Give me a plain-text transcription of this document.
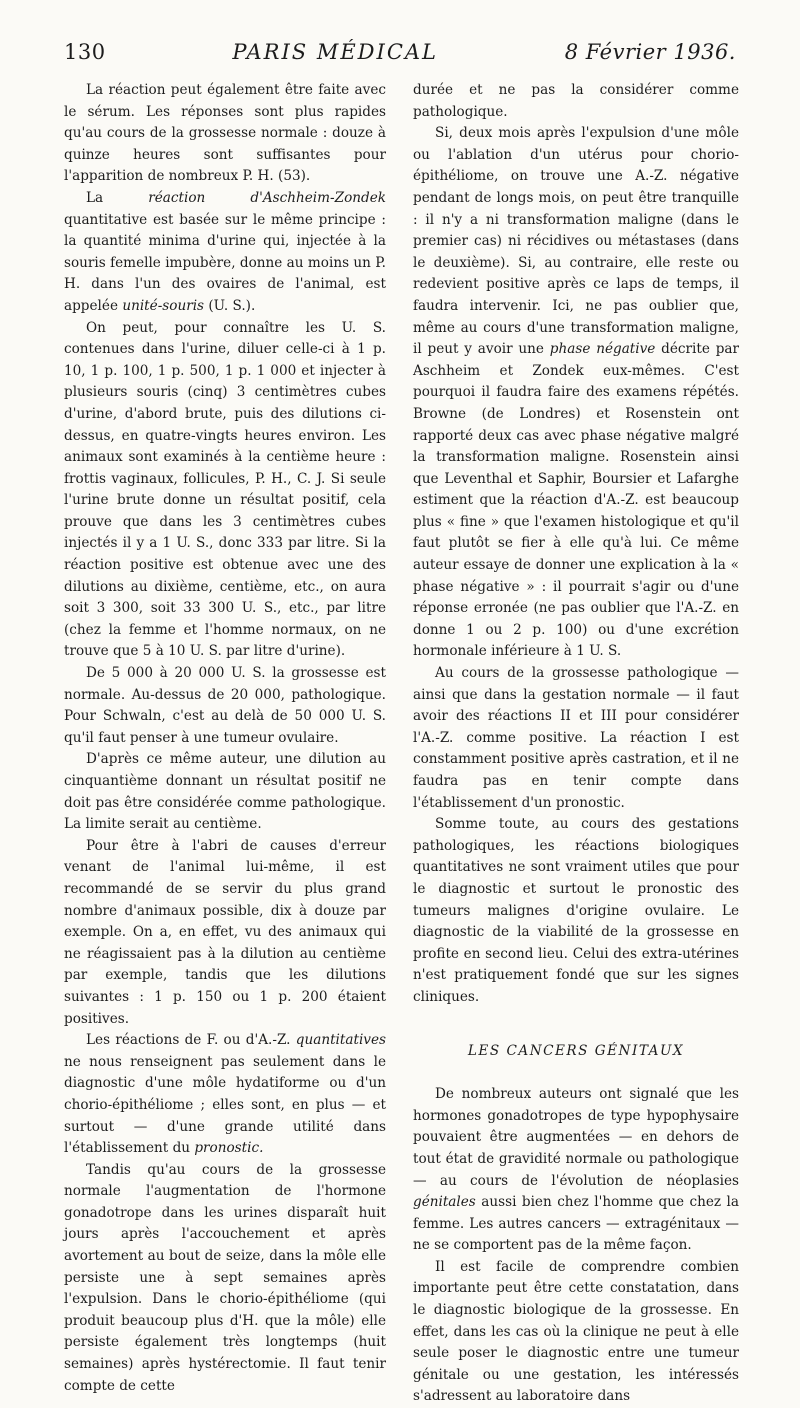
130	PARIS MÉDICAL	8 Février 1936.

La réaction peut également être faite avec le sérum. Les réponses sont plus rapides qu'au cours de la grossesse normale : douze à quinze heures sont suffisantes pour l'apparition de nombreux P. H. (53).

La	réaction d'Aschheim-Zondek quantitative est basée sur le même principe : la quantité minima d'urine qui, injectée à la souris femelle impubère, donne au moins un P. H. dans l'un des ovaires de l'animal, est appelée unité-souris (U. S.).

On peut, pour connaître les U. S. contenues dans l'urine, diluer celle-ci à 1 p. 10, 1 p. 100, 1 p. 500, 1 p. 1 000 et injecter à plusieurs souris (cinq) 3 centimètres cubes d'urine, d'abord brute, puis des dilutions ci-dessus, en quatre-vingts heures environ. Les animaux sont examinés à la centième heure : frottis vaginaux, follicules, P. H., C. J. Si seule l'urine brute donne un résultat positif, cela prouve que dans les 3 centimètres cubes injectés il y a 1 U. S., donc 333 par litre. Si la réaction positive est obtenue avec une des dilutions au dixième, centième, etc., on aura soit 3 300, soit 33 300 U. S., etc., par litre (chez la femme et l'homme normaux, on ne trouve que 5 à 10 U. S. par litre d'urine).

De 5 000 à 20 000 U. S. la grossesse est normale. Au-dessus de 20 000, pathologique. Pour Schwaln, c'est au delà de 50 000 U. S. qu'il faut penser à une tumeur ovulaire.

D'après ce même auteur, une dilution au cinquantième donnant un résultat positif ne doit pas être considérée comme pathologique. La limite serait au centième.

Pour être à l'abri de causes d'erreur venant de l'animal lui-même, il est recommandé de se servir du plus grand nombre d'animaux possible, dix à douze par exemple. On a, en effet, vu des animaux qui ne réagissaient pas à la dilution au centième par exemple, tandis que les dilutions suivantes : 1 p. 150 ou 1 p. 200 étaient positives.

Les réactions de F. ou d'A.-Z. quantitatives ne nous renseignent pas seulement dans le diagnostic d'une môle hydatiforme ou d'un chorio-épithéliome ; elles sont, en plus — et surtout — d'une grande utilité dans l'établissement du pronostic.

Tandis qu'au cours de la grossesse normale l'augmentation de l'hormone gonadotrope dans les urines disparaît huit jours après l'accouchement et après avortement au bout de seize, dans la môle elle persiste une à sept semaines après l'expulsion. Dans le chorio-épithéliome (qui produit beaucoup plus d'H. que la môle) elle persiste également très longtemps (huit semaines) après hystérectomie. Il faut tenir compte de cette

durée et ne pas la considérer comme pathologique.

Si, deux mois après l'expulsion d'une môle ou l'ablation d'un utérus pour chorio-épithéliome, on trouve une A.-Z. négative pendant de longs mois, on peut être tranquille : il n'y a ni transformation maligne (dans le premier cas) ni récidives ou métastases (dans le deuxième). Si, au contraire, elle reste ou redevient positive après ce laps de temps, il faudra intervenir. Ici, ne pas oublier que, même au cours d'une transformation maligne, il peut y avoir une phase négative décrite par Aschheim et Zondek eux-mêmes. C'est pourquoi il faudra faire des examens répétés. Browne (de Londres) et Rosenstein ont rapporté deux cas avec phase négative malgré la transformation maligne. Rosenstein ainsi que Leventhal et Saphir, Boursier et Lafarghe estiment que la réaction d'A.-Z. est beaucoup plus « fine » que l'examen histologique et qu'il faut plutôt se fier à elle qu'à lui. Ce même auteur essaye de donner une explication à la « phase négative » : il pourrait s'agir ou d'une réponse erronée (ne pas oublier que l'A.-Z. en donne 1 ou 2 p. 100) ou d'une excrétion hormonale inférieure à 1 U. S.

Au cours de la grossesse pathologique — ainsi que dans la gestation normale — il faut avoir des réactions II et III pour considérer l'A.-Z. comme positive. La réaction I est constamment positive après castration, et il ne faudra pas en tenir compte dans l'établissement d'un pronostic.

Somme toute, au cours des gestations pathologiques, les réactions biologiques quantitatives ne sont vraiment utiles que pour le diagnostic et surtout le pronostic des tumeurs malignes d'origine ovulaire. Le diagnostic de la viabilité de la grossesse en profite en second lieu. Celui des extra-utérines n'est pratiquement fondé que sur les signes cliniques.

LES CANCERS GÉNITAUX

De nombreux auteurs ont signalé que les hormones gonadotropes de type hypophysaire pouvaient être augmentées — en dehors de tout état de gravidité normale ou pathologique — au cours de l'évolution de néoplasies génitales aussi bien chez l'homme que chez la femme. Les autres cancers — extragénitaux — ne se comportent pas de la même façon.

Il est facile de comprendre combien importante peut être cette constatation, dans le diagnostic biologique de la grossesse. En effet, dans les cas où la clinique ne peut à elle seule poser le diagnostic entre une tumeur génitale ou une gestation, les intéressés s'adressent au laboratoire dans
